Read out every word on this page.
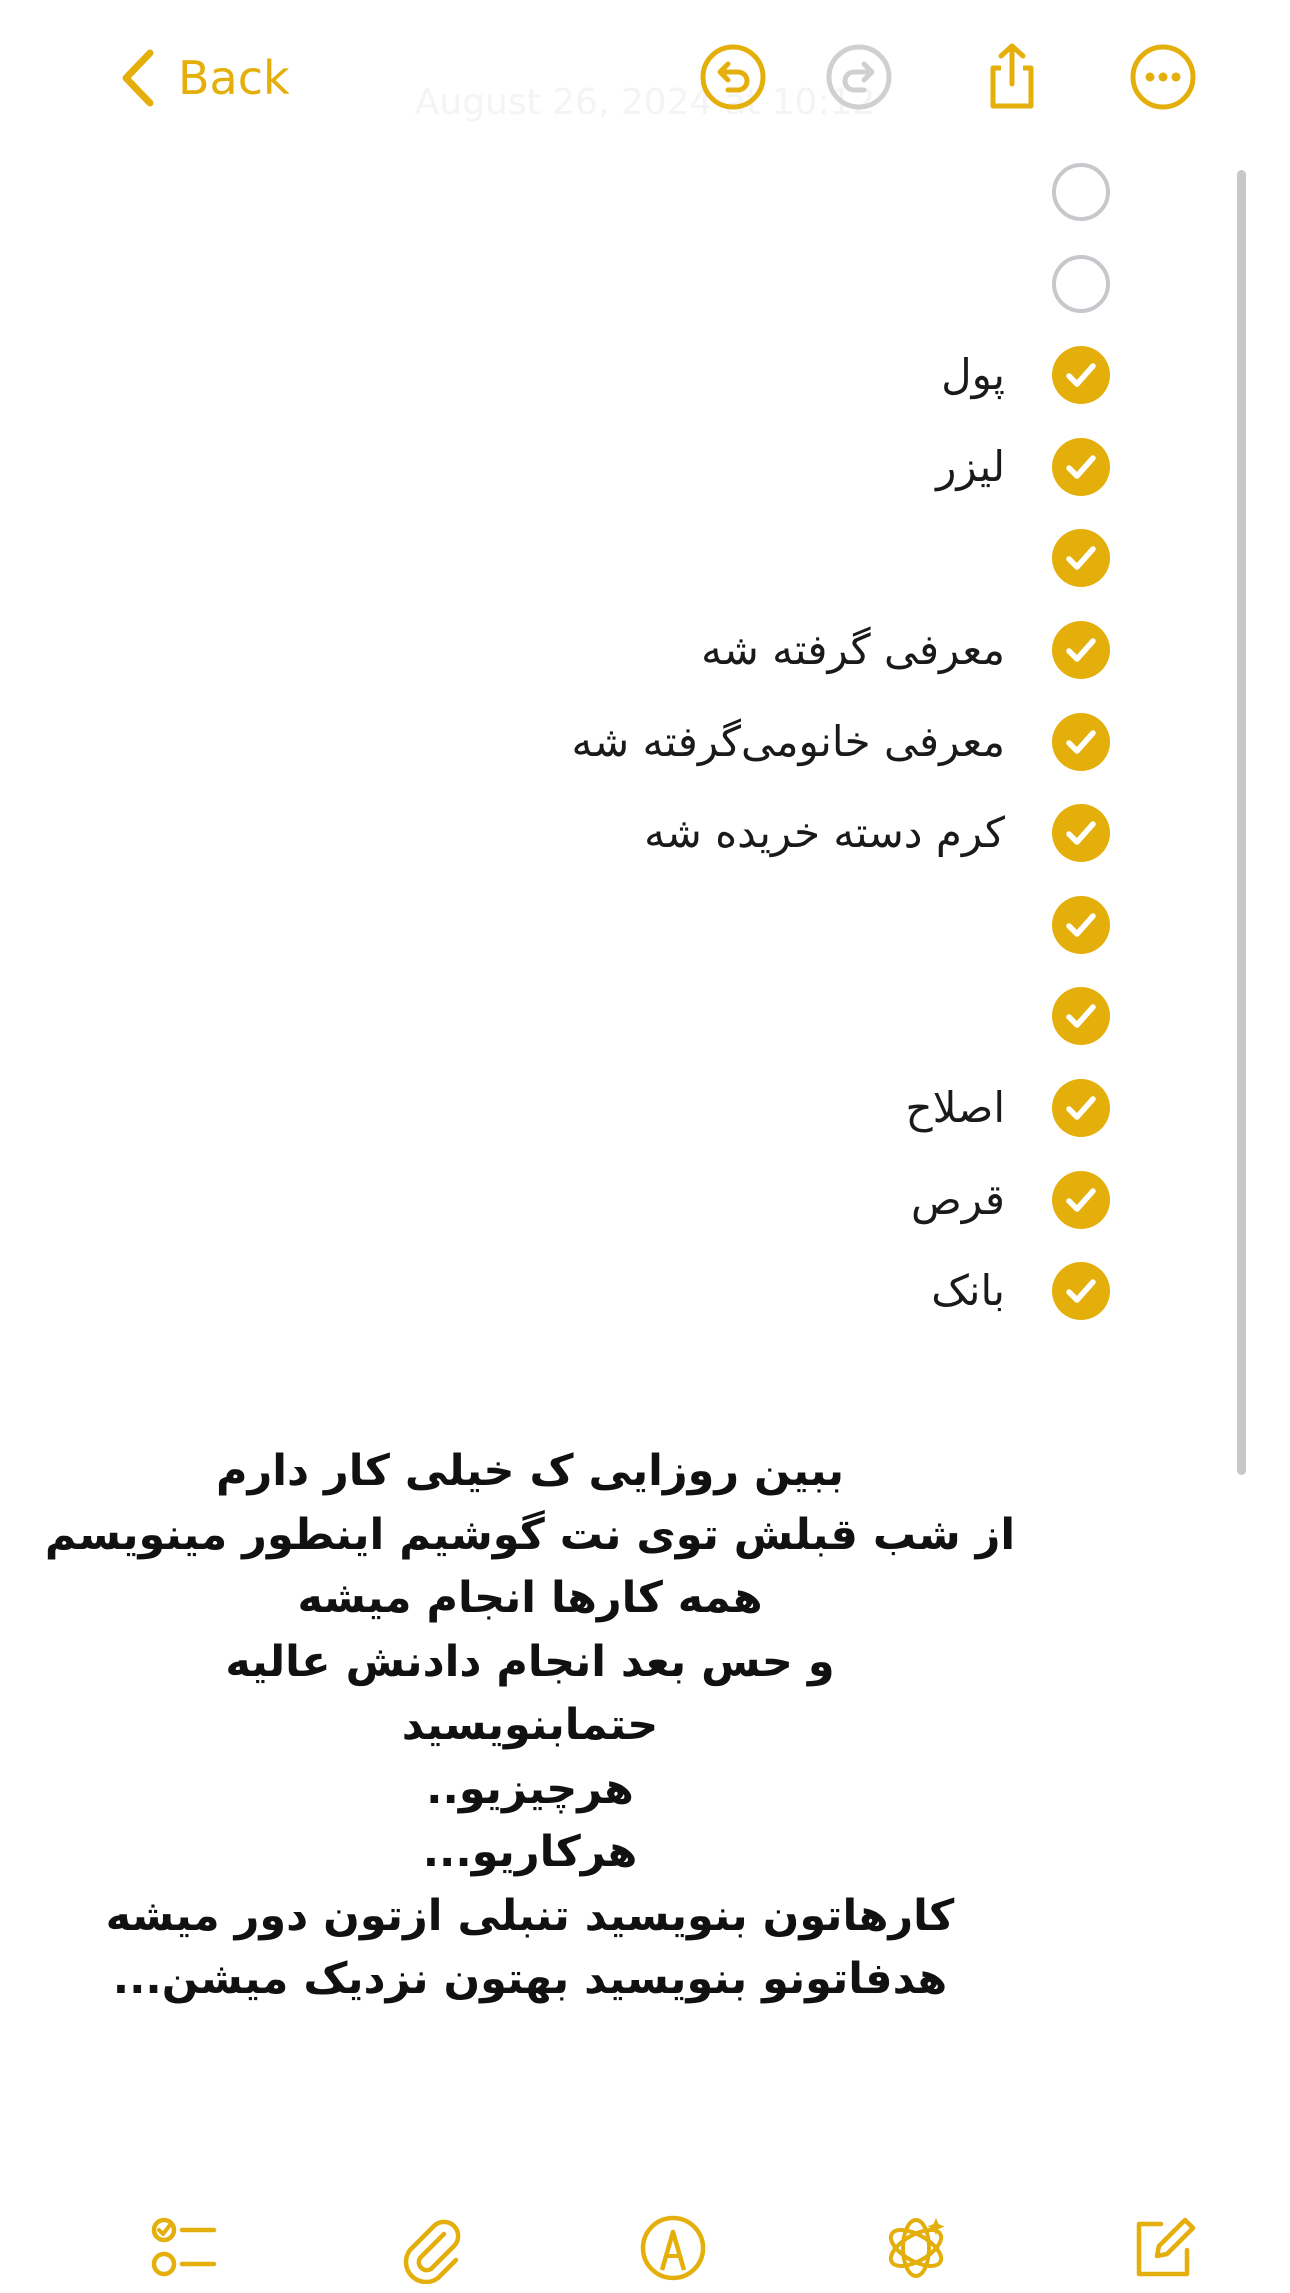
Back	August 26, 2024 at 10:12
پول
لیزر
معرفی گرفته شه
معرفی خانومی‌گرفته شه
کرم دسته خریده شه
اصلاح
قرص
بانک
ببین روزایی ک خیلی کار دارم
از شب قبلش توی نت گوشیم اینطور مینویسم
همه کارها انجام میشه
و حس بعد انجام دادنش عالیه
حتمابنویسید
هرچیزیو..
هرکاریو...
کارهاتون بنویسید تنبلی ازتون دور میشه
هدفاتونو بنویسید بهتون نزدیک میشن...
